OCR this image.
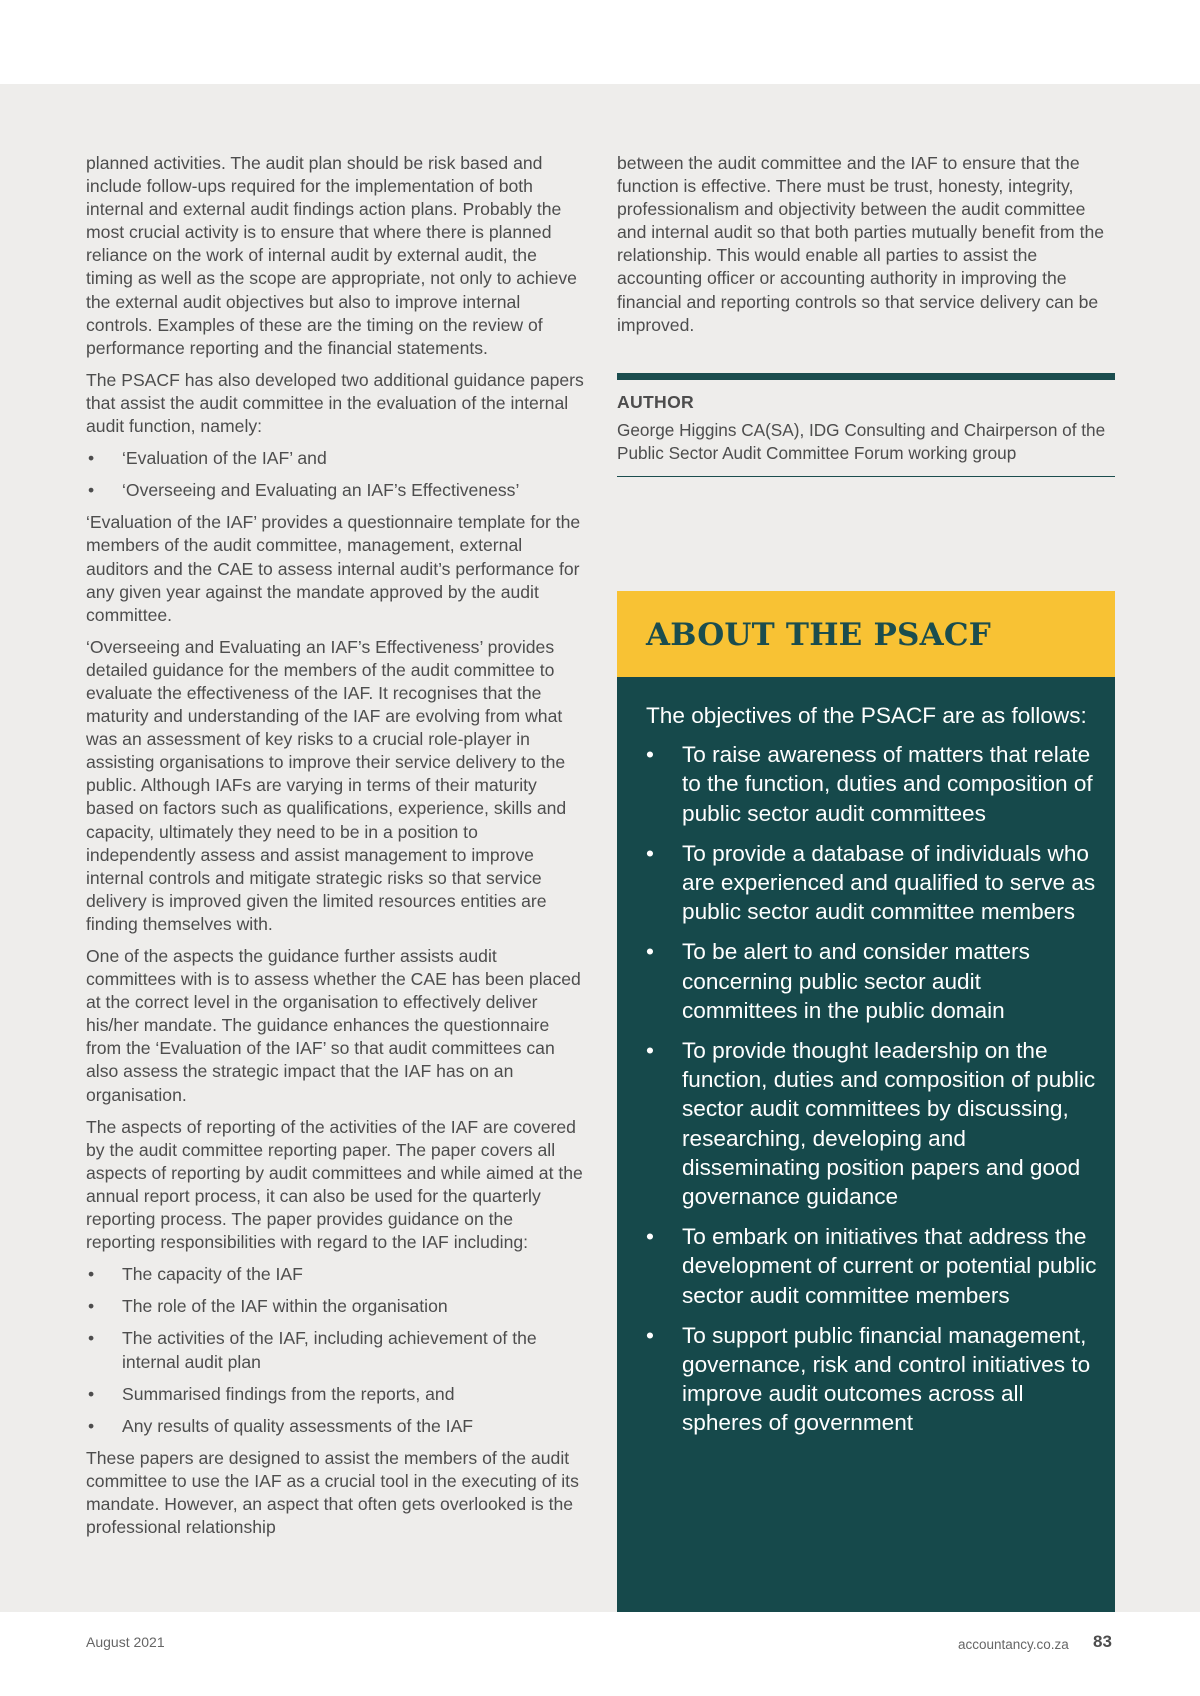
planned activities. The audit plan should be risk based and include follow-ups required for the implementation of both internal and external audit findings action plans. Probably the most crucial activity is to ensure that where there is planned reliance on the work of internal audit by external audit, the timing as well as the scope are appropriate, not only to achieve the external audit objectives but also to improve internal controls. Examples of these are the timing on the review of performance reporting and the financial statements.

The PSACF has also developed two additional guidance papers that assist the audit committee in the evaluation of the internal audit function, namely:

• ‘Evaluation of the IAF’ and
• ‘Overseeing and Evaluating an IAF’s Effectiveness’

‘Evaluation of the IAF’ provides a questionnaire template for the members of the audit committee, management, external auditors and the CAE to assess internal audit’s performance for any given year against the mandate approved by the audit committee.

‘Overseeing and Evaluating an IAF’s Effectiveness’ provides detailed guidance for the members of the audit committee to evaluate the effectiveness of the IAF. It recognises that the maturity and understanding of the IAF are evolving from what was an assessment of key risks to a crucial role-player in assisting organisations to improve their service delivery to the public. Although IAFs are varying in terms of their maturity based on factors such as qualifications, experience, skills and capacity, ultimately they need to be in a position to independently assess and assist management to improve internal controls and mitigate strategic risks so that service delivery is improved given the limited resources entities are finding themselves with.

One of the aspects the guidance further assists audit committees with is to assess whether the CAE has been placed at the correct level in the organisation to effectively deliver his/her mandate. The guidance enhances the questionnaire from the ‘Evaluation of the IAF’ so that audit committees can also assess the strategic impact that the IAF has on an organisation.

The aspects of reporting of the activities of the IAF are covered by the audit committee reporting paper. The paper covers all aspects of reporting by audit committees and while aimed at the annual report process, it can also be used for the quarterly reporting process. The paper provides guidance on the reporting responsibilities with regard to the IAF including:

• The capacity of the IAF
• The role of the IAF within the organisation
• The activities of the IAF, including achievement of the internal audit plan
• Summarised findings from the reports, and
• Any results of quality assessments of the IAF

These papers are designed to assist the members of the audit committee to use the IAF as a crucial tool in the executing of its mandate. However, an aspect that often gets overlooked is the professional relationship

between the audit committee and the IAF to ensure that the function is effective. There must be trust, honesty, integrity, professionalism and objectivity between the audit committee and internal audit so that both parties mutually benefit from the relationship. This would enable all parties to assist the accounting officer or accounting authority in improving the financial and reporting controls so that service delivery can be improved.

AUTHOR
George Higgins CA(SA), IDG Consulting and Chairperson of the Public Sector Audit Committee Forum working group
ABOUT THE PSACF

The objectives of the PSACF are as follows:

• To raise awareness of matters that relate to the function, duties and composition of public sector audit committees
• To provide a database of individuals who are experienced and qualified to serve as public sector audit committee members
• To be alert to and consider matters concerning public sector audit committees in the public domain
• To provide thought leadership on the function, duties and composition of public sector audit committees by discussing, researching, developing and disseminating position papers and good governance guidance
• To embark on initiatives that address the development of current or potential public sector audit committee members
• To support public financial management, governance, risk and control initiatives to improve audit outcomes across all spheres of government
August 2021	accountancy.co.za 83
